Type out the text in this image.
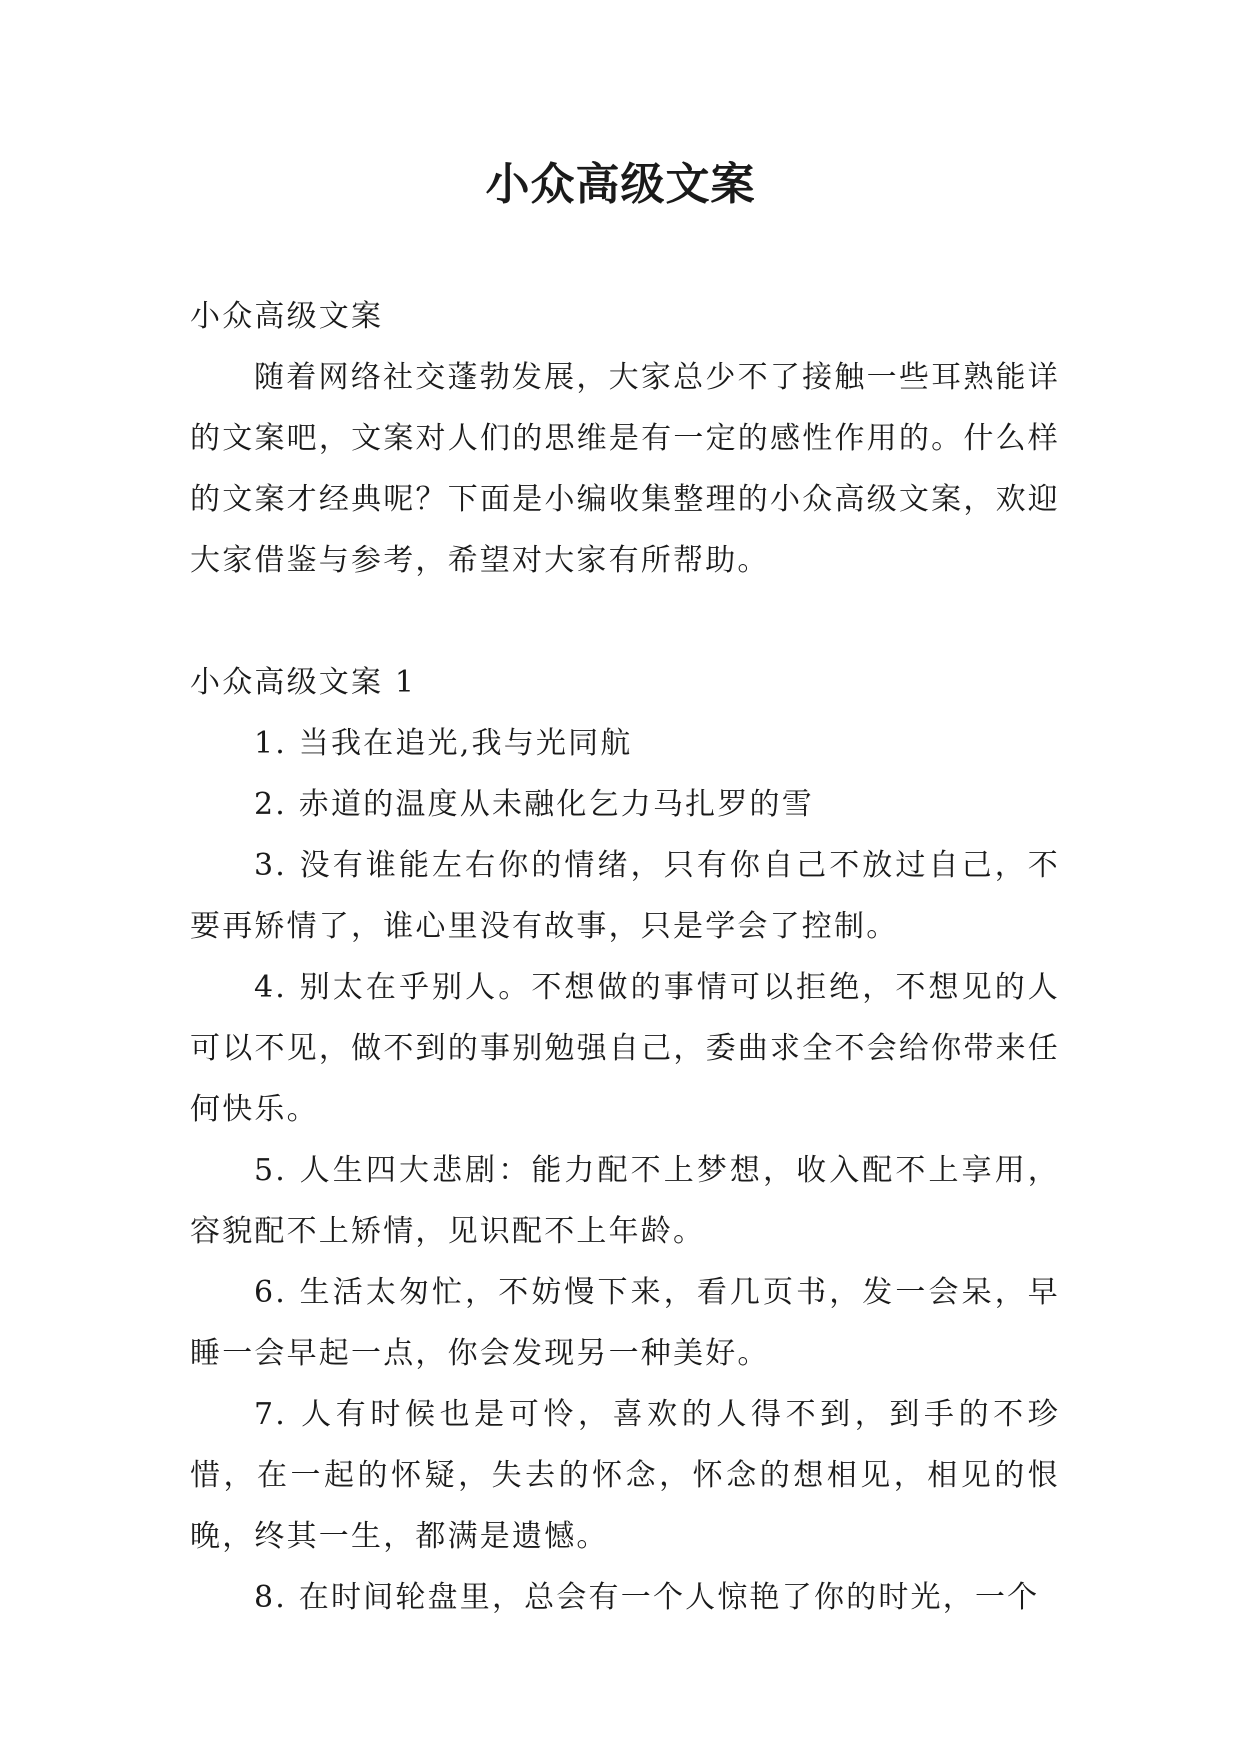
小众高级文案

小众高级文案

随着网络社交蓬勃发展，大家总少不了接触一些耳熟能详的文案吧，文案对人们的思维是有一定的感性作用的。什么样的文案才经典呢？下面是小编收集整理的小众高级文案，欢迎大家借鉴与参考，希望对大家有所帮助。

小众高级文案 1

1. 当我在追光,我与光同航

2. 赤道的温度从未融化乞力马扎罗的雪

3. 没有谁能左右你的情绪，只有你自己不放过自己，不要再矫情了，谁心里没有故事，只是学会了控制。

4. 别太在乎别人。不想做的事情可以拒绝，不想见的人可以不见，做不到的事别勉强自己，委曲求全不会给你带来任何快乐。

5. 人生四大悲剧：能力配不上梦想，收入配不上享用，容貌配不上矫情，见识配不上年龄。

6. 生活太匆忙，不妨慢下来，看几页书，发一会呆，早睡一会早起一点，你会发现另一种美好。

7. 人有时候也是可怜，喜欢的人得不到，到手的不珍惜，在一起的怀疑，失去的怀念，怀念的想相见，相见的恨晚，终其一生，都满是遗憾。

8. 在时间轮盘里，总会有一个人惊艳了你的时光，一个
